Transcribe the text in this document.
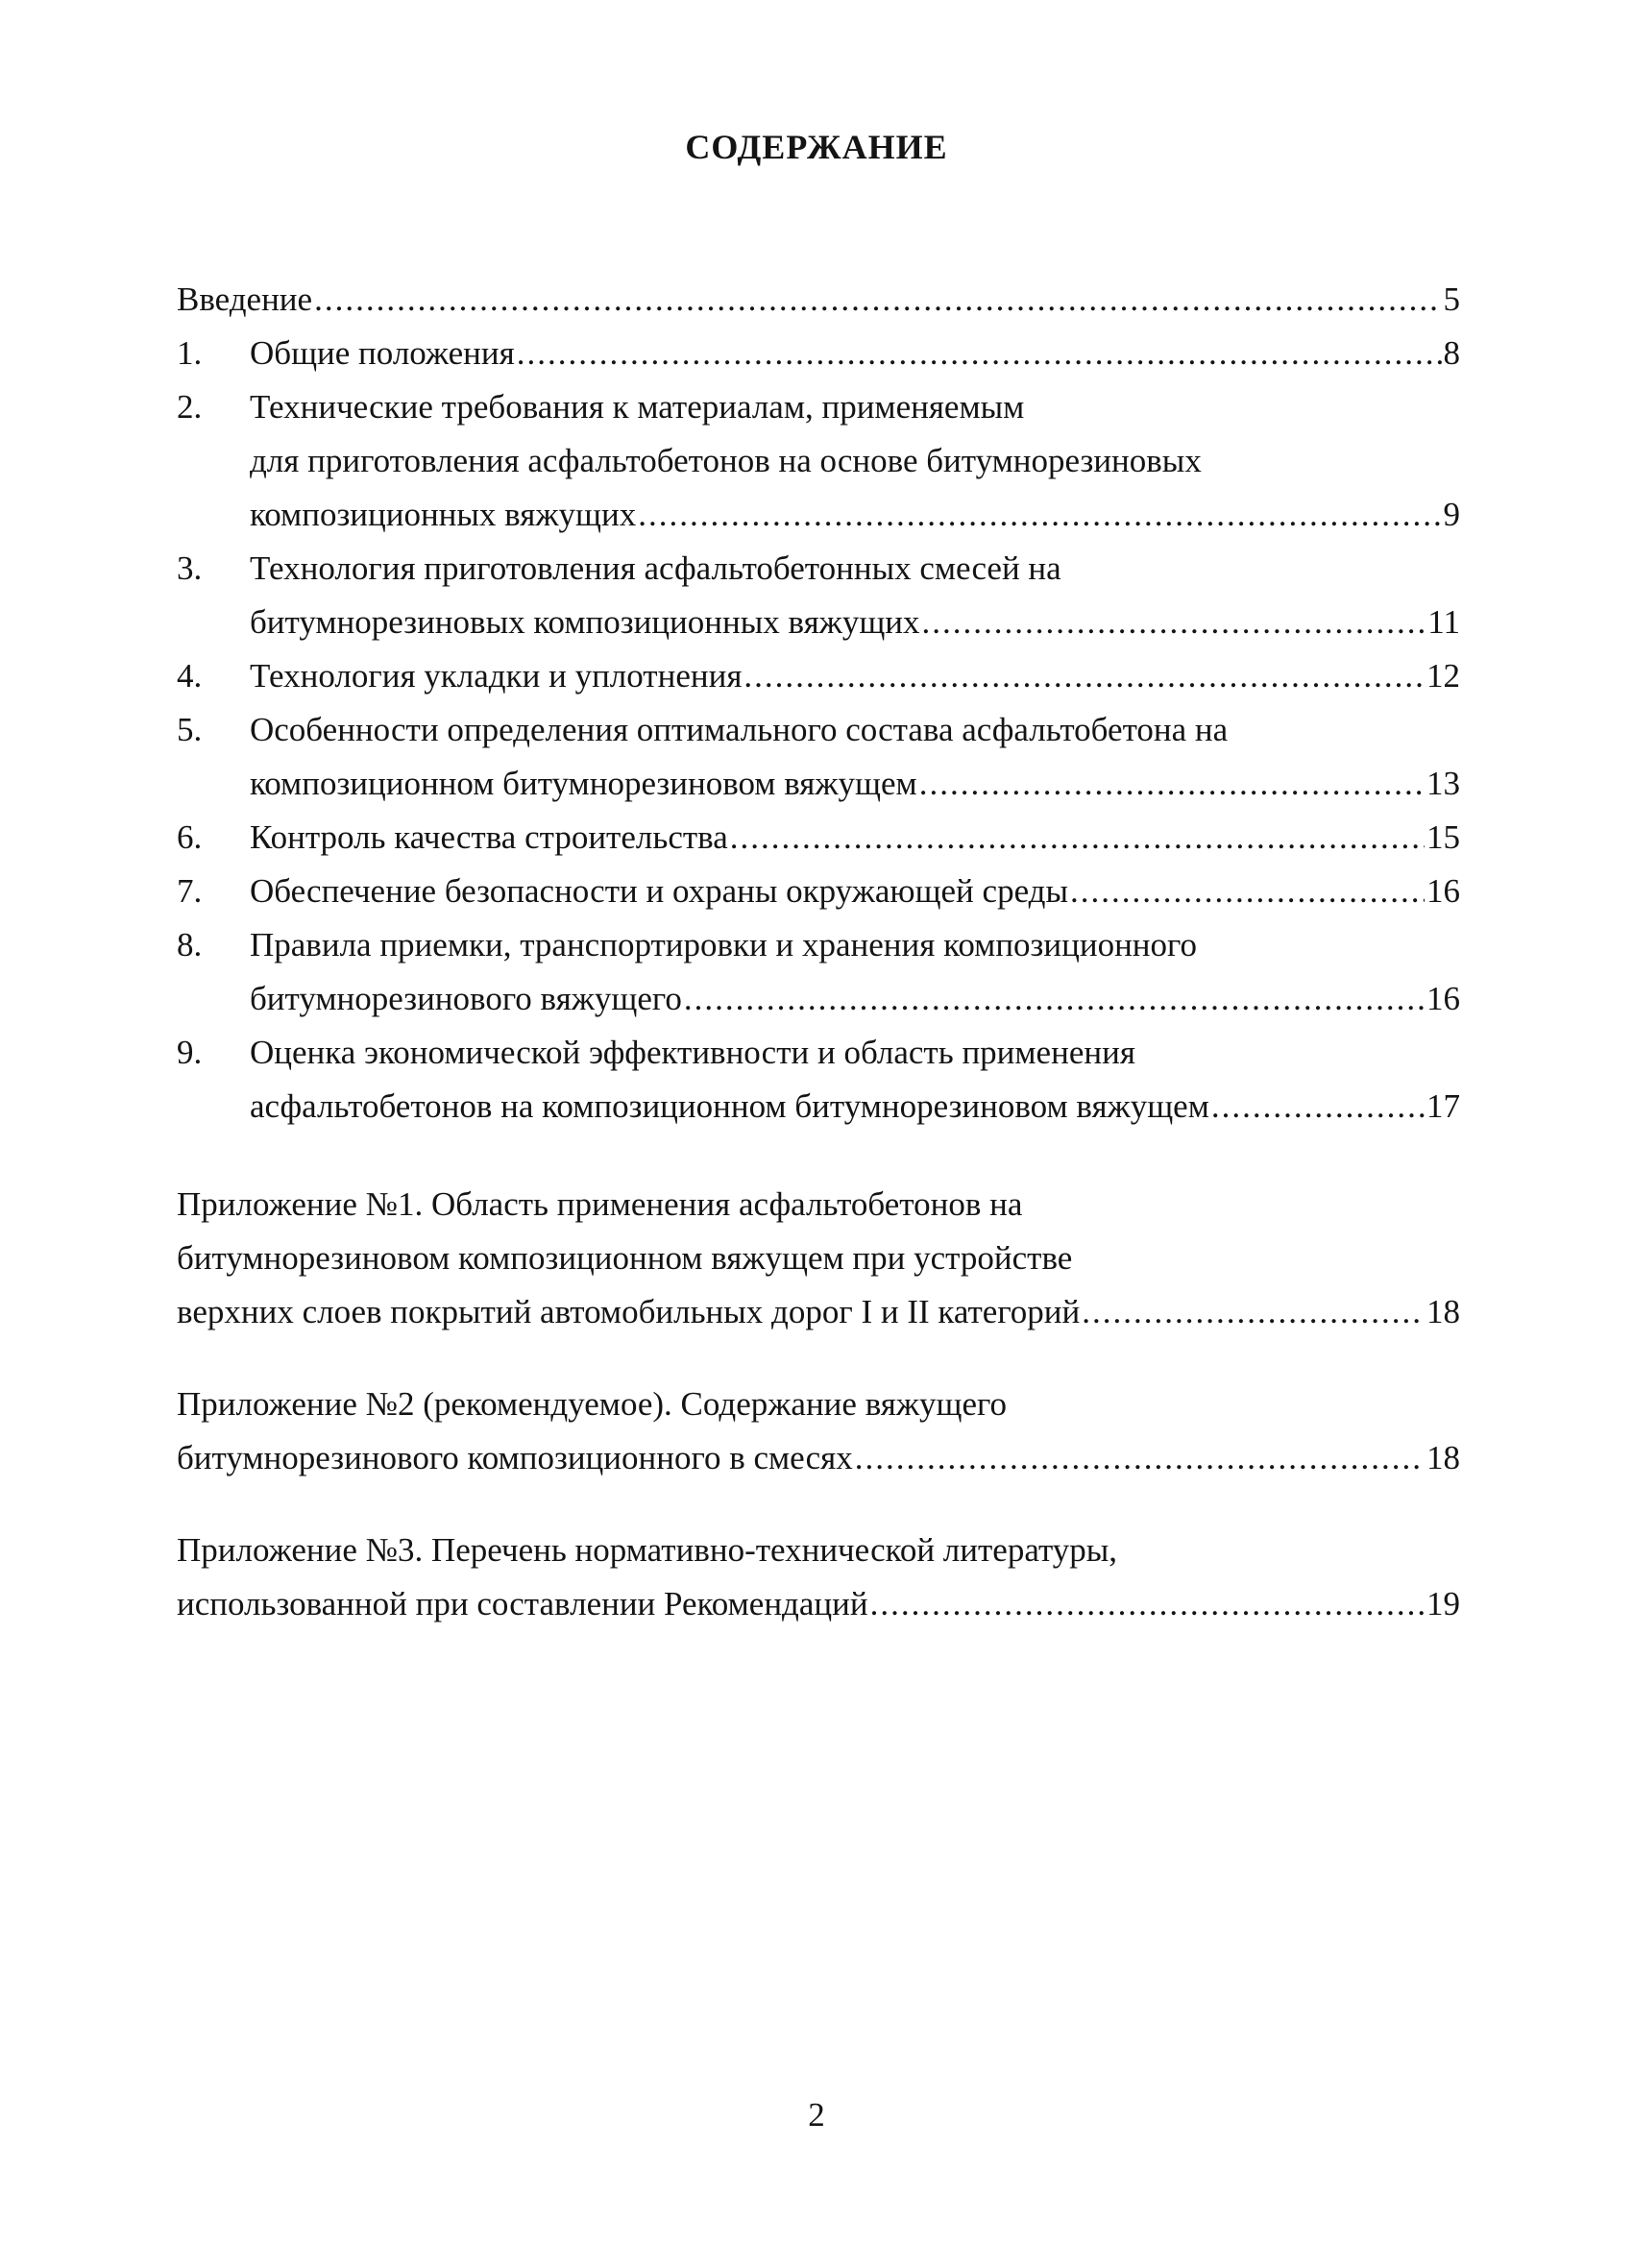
СОДЕРЖАНИЕ
Введение .....	5
1.	Общие положения .....	8
2.	Технические требования к материалам, применяемым
для приготовления асфальтобетонов на основе битумнорезиновых
композиционных вяжущих .....	9
3.	Технология приготовления асфальтобетонных смесей на
битумнорезиновых композиционных вяжущих .....	11
4.	Технология укладки и уплотнения .....	12
5.	Особенности определения оптимального состава асфальтобетона на
композиционном битумнорезиновом вяжущем .....	13
6.	Контроль качества строительства .....	15
7.	Обеспечение безопасности и охраны окружающей среды .....	16
8.	Правила приемки, транспортировки и хранения композиционного
битумнорезинового вяжущего .....	16
9.	Оценка экономической эффективности и область применения
асфальтобетонов на композиционном битумнорезиновом вяжущем .....	17
Приложение №1. Область применения асфальтобетонов на
битумнорезиновом композиционном вяжущем при устройстве
верхних слоев покрытий автомобильных дорог I и II категорий .....	18
Приложение №2 (рекомендуемое). Содержание вяжущего
битумнорезинового композиционного в смесях .....	18
Приложение №3. Перечень нормативно-технической литературы,
использованной при составлении Рекомендаций .....	19
2
